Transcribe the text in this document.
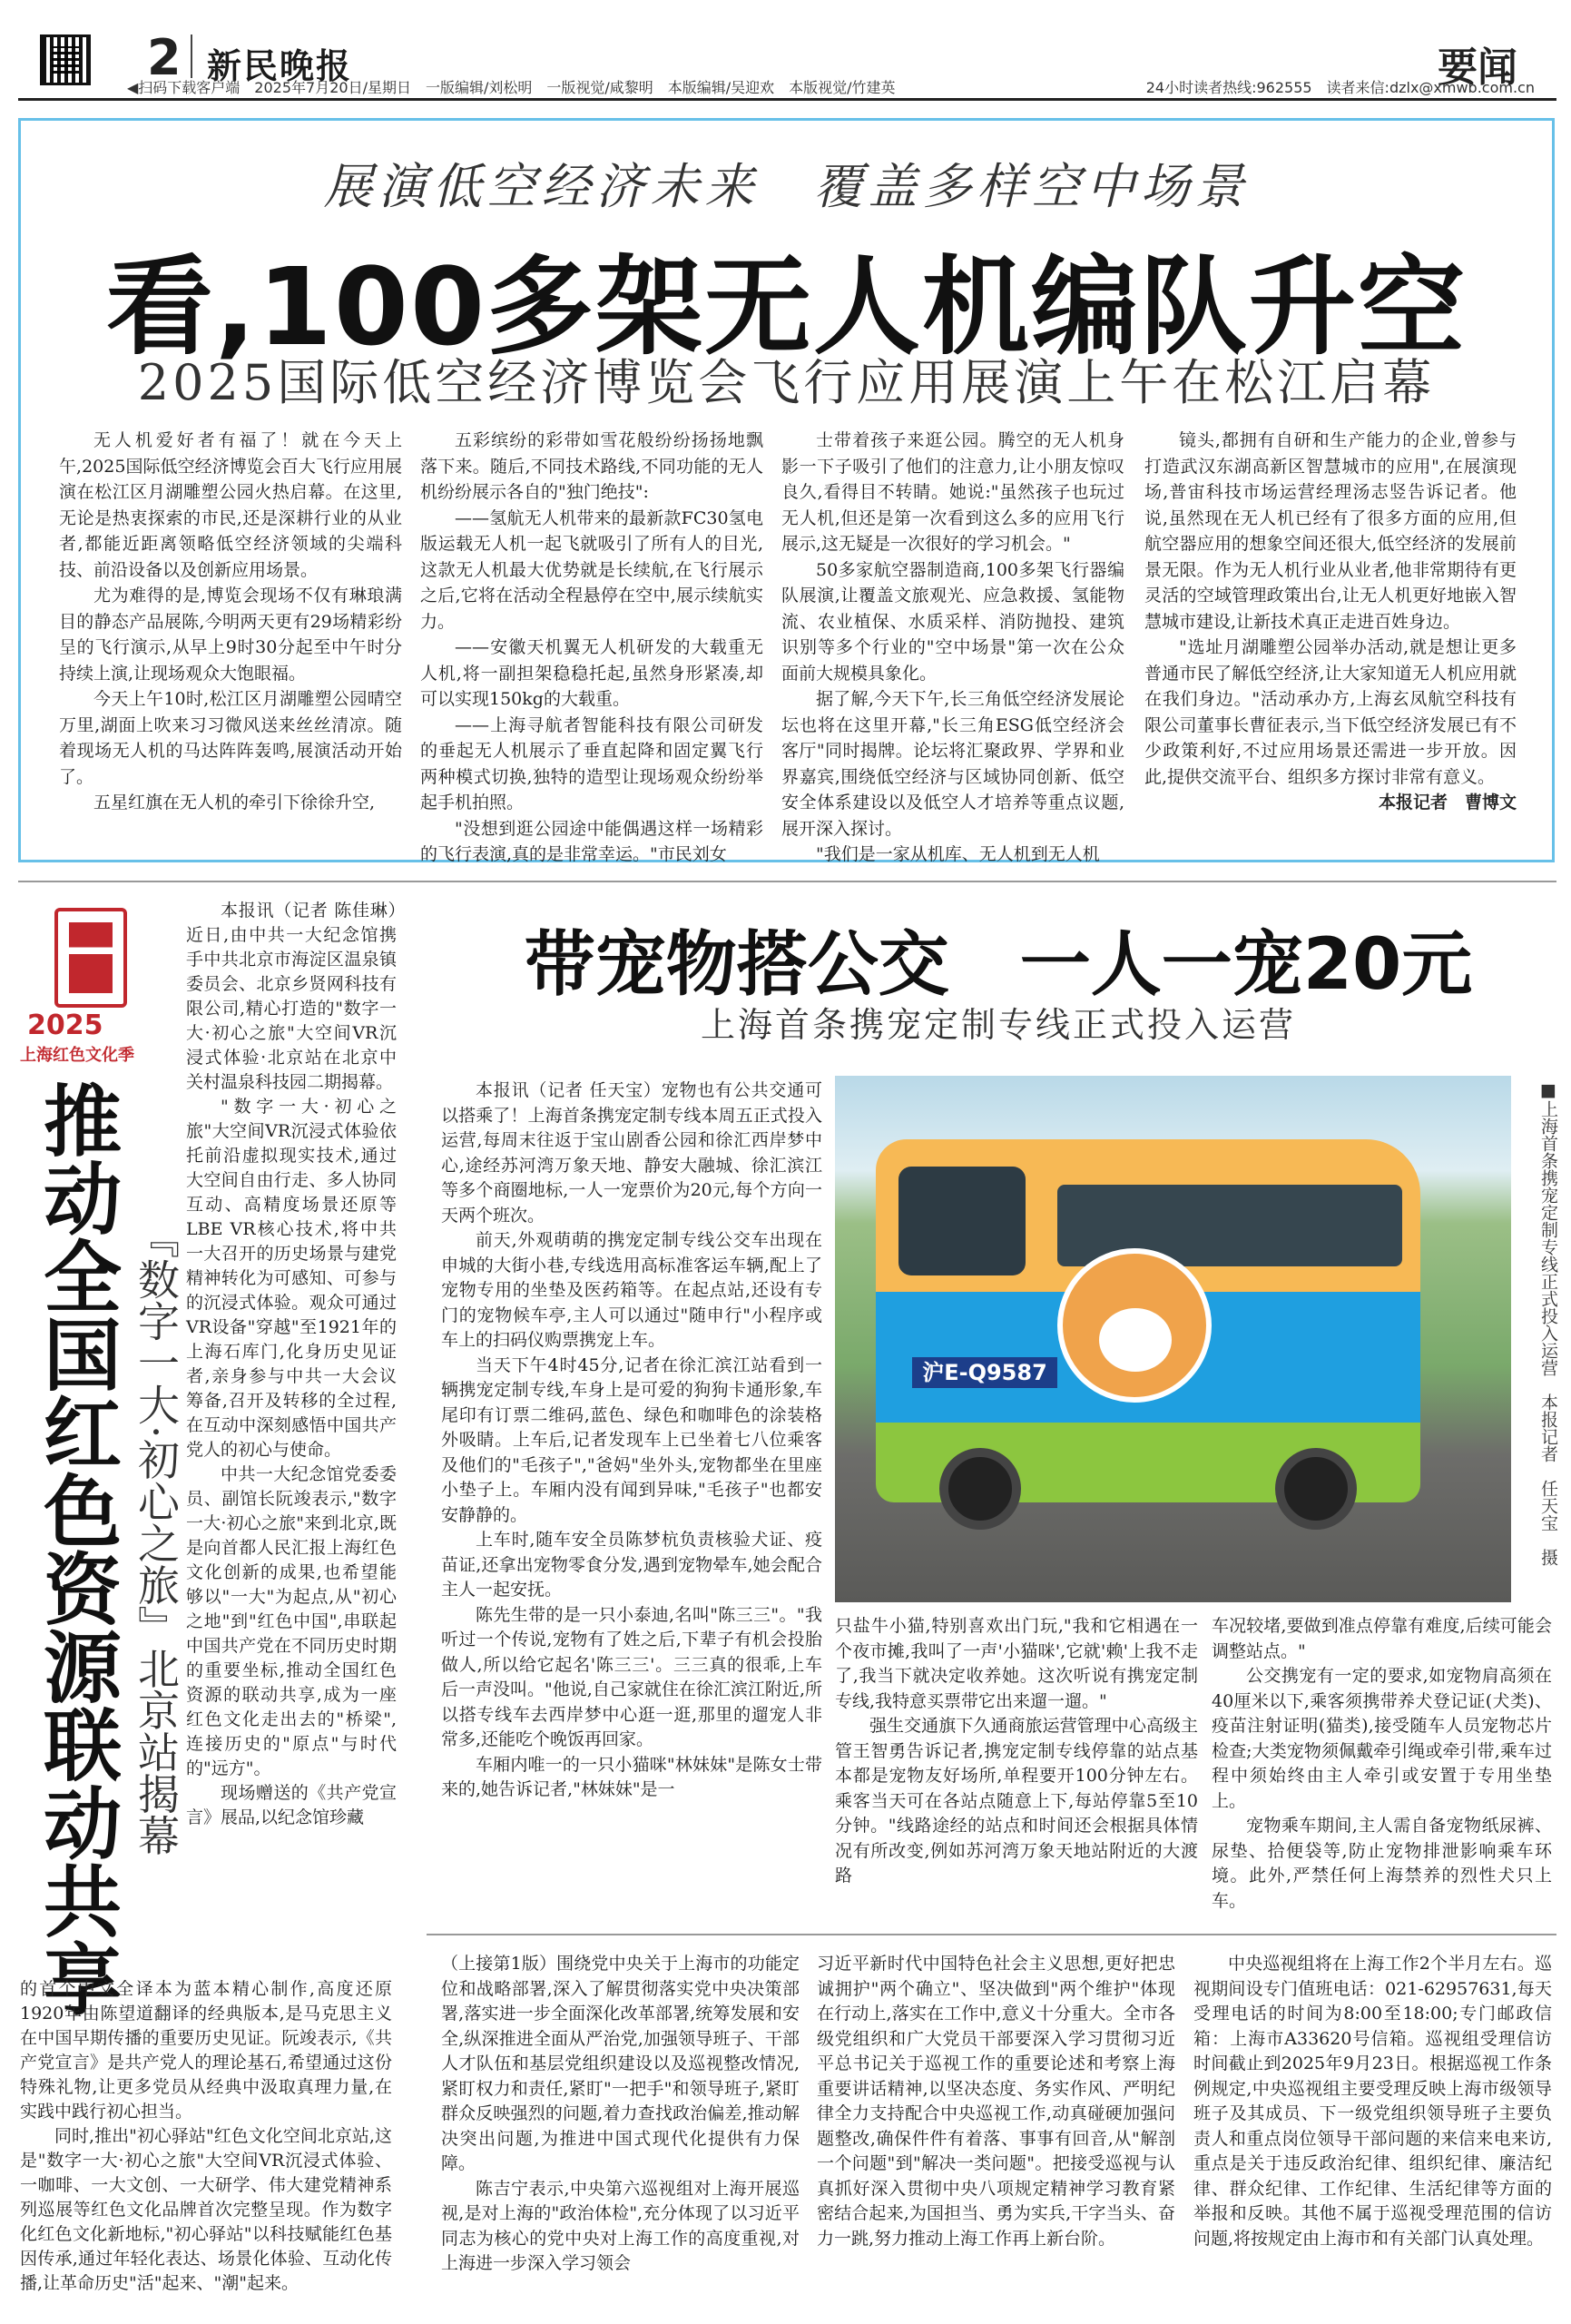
2 新民晚报	要闻
◀扫码下载客户端　2025年7月20日/星期日　一版编辑/刘松明　一版视觉/咸黎明　本版编辑/吴迎欢　本版视觉/竹建英	24小时读者热线:962555　读者来信:dzlx@xmwb.com.cn
展演低空经济未来　覆盖多样空中场景
看,100多架无人机编队升空
2025国际低空经济博览会飞行应用展演上午在松江启幕

无人机爱好者有福了！就在今天上午,2025国际低空经济博览会百大飞行应用展演在松江区月湖雕塑公园火热启幕。在这里,无论是热衷探索的市民,还是深耕行业的从业者,都能近距离领略低空经济领域的尖端科技、前沿设备以及创新应用场景。

尤为难得的是,博览会现场不仅有琳琅满目的静态产品展陈,今明两天更有29场精彩纷呈的飞行演示,从早上9时30分起至中午时分持续上演,让现场观众大饱眼福。

今天上午10时,松江区月湖雕塑公园晴空万里,湖面上吹来习习微风送来丝丝清凉。随着现场无人机的马达阵阵轰鸣,展演活动开始了。

五星红旗在无人机的牵引下徐徐升空,

五彩缤纷的彩带如雪花般纷纷扬扬地飘落下来。随后,不同技术路线,不同功能的无人机纷纷展示各自的"独门绝技":

——氢航无人机带来的最新款FC30氢电版运载无人机一起飞就吸引了所有人的目光,这款无人机最大优势就是长续航,在飞行展示之后,它将在活动全程悬停在空中,展示续航实力。

——安徽天机翼无人机研发的大载重无人机,将一副担架稳稳托起,虽然身形紧凑,却可以实现150kg的大载重。

——上海寻航者智能科技有限公司研发的垂起无人机展示了垂直起降和固定翼飞行两种模式切换,独特的造型让现场观众纷纷举起手机拍照。

"没想到逛公园途中能偶遇这样一场精彩的飞行表演,真的是非常幸运。"市民刘女

士带着孩子来逛公园。腾空的无人机身影一下子吸引了他们的注意力,让小朋友惊叹良久,看得目不转睛。她说:"虽然孩子也玩过无人机,但还是第一次看到这么多的应用飞行展示,这无疑是一次很好的学习机会。"

50多家航空器制造商,100多架飞行器编队展演,让覆盖文旅观光、应急救援、氢能物流、农业植保、水质采样、消防抛投、建筑识别等多个行业的"空中场景"第一次在公众面前大规模具象化。

据了解,今天下午,长三角低空经济发展论坛也将在这里开幕,"长三角ESG低空经济会客厅"同时揭牌。论坛将汇聚政界、学界和业界嘉宾,围绕低空经济与区域协同创新、低空安全体系建设以及低空人才培养等重点议题,展开深入探讨。

"我们是一家从机库、无人机到无人机

镜头,都拥有自研和生产能力的企业,曾参与打造武汉东湖高新区智慧城市的应用",在展演现场,普宙科技市场运营经理汤志竖告诉记者。他说,虽然现在无人机已经有了很多方面的应用,但航空器应用的想象空间还很大,低空经济的发展前景无限。作为无人机行业从业者,他非常期待有更灵活的空域管理政策出台,让无人机更好地嵌入智慧城市建设,让新技术真正走进百姓身边。

"选址月湖雕塑公园举办活动,就是想让更多普通市民了解低空经济,让大家知道无人机应用就在我们身边。"活动承办方,上海玄凤航空科技有限公司董事长曹征表示,当下低空经济发展已有不少政策利好,不过应用场景还需进一步开放。因此,提供交流平台、组织多方探讨非常有意义。

本报记者　曹博文
2025
上海红色文化季
推动全国红色资源联动共享 『数字一大·初心之旅』北京站揭幕

本报讯（记者 陈佳琳）近日,由中共一大纪念馆携手中共北京市海淀区温泉镇委员会、北京乡贤网科技有限公司,精心打造的"数字一大·初心之旅"大空间VR沉浸式体验·北京站在北京中关村温泉科技园二期揭幕。

"数字一大·初心之旅"大空间VR沉浸式体验依托前沿虚拟现实技术,通过大空间自由行走、多人协同互动、高精度场景还原等LBE VR核心技术,将中共一大召开的历史场景与建党精神转化为可感知、可参与的沉浸式体验。观众可通过VR设备"穿越"至1921年的上海石库门,化身历史见证者,亲身参与中共一大会议筹备,召开及转移的全过程,在互动中深刻感悟中国共产党人的初心与使命。

中共一大纪念馆党委委员、副馆长阮竣表示,"数字一大·初心之旅"来到北京,既是向首都人民汇报上海红色文化创新的成果,也希望能够以"一大"为起点,从"初心之地"到"红色中国",串联起中国共产党在不同历史时期的重要坐标,推动全国红色资源的联动共享,成为一座红色文化走出去的"桥梁",连接历史的"原点"与时代的"远方"。

现场赠送的《共产党宣言》展品,以纪念馆珍藏

的首个中文全译本为蓝本精心制作,高度还原1920年由陈望道翻译的经典版本,是马克思主义在中国早期传播的重要历史见证。阮竣表示,《共产党宣言》是共产党人的理论基石,希望通过这份特殊礼物,让更多党员从经典中汲取真理力量,在实践中践行初心担当。

同时,推出"初心驿站"红色文化空间北京站,这是"数字一大·初心之旅"大空间VR沉浸式体验、一咖啡、一大文创、一大研学、伟大建党精神系列巡展等红色文化品牌首次完整呈现。作为数字化红色文化新地标,"初心驿站"以科技赋能红色基因传承,通过年轻化表达、场景化体验、互动化传播,让革命历史"活"起来、"潮"起来。

带宠物搭公交　一人一宠20元
上海首条携宠定制专线正式投入运营
沪E-Q9587	■上海首条携宠定制专线正式投入运营　本报记者　任天宝　摄

本报讯（记者 任天宝）宠物也有公共交通可以搭乘了！上海首条携宠定制专线本周五正式投入运营,每周末往返于宝山剧香公园和徐汇西岸梦中心,途经苏河湾万象天地、静安大融城、徐汇滨江等多个商圈地标,一人一宠票价为20元,每个方向一天两个班次。

前天,外观萌萌的携宠定制专线公交车出现在申城的大街小巷,专线选用高标准客运车辆,配上了宠物专用的坐垫及医药箱等。在起点站,还设有专门的宠物候车亭,主人可以通过"随申行"小程序或车上的扫码仪购票携宠上车。

当天下午4时45分,记者在徐汇滨江站看到一辆携宠定制专线,车身上是可爱的狗狗卡通形象,车尾印有订票二维码,蓝色、绿色和咖啡色的涂装格外吸睛。上车后,记者发现车上已坐着七八位乘客及他们的"毛孩子","爸妈"坐外头,宠物都坐在里座小垫子上。车厢内没有闻到异味,"毛孩子"也都安安静静的。

上车时,随车安全员陈梦杭负责核验犬证、疫苗证,还拿出宠物零食分发,遇到宠物晕车,她会配合主人一起安抚。

陈先生带的是一只小泰迪,名叫"陈三三"。"我听过一个传说,宠物有了姓之后,下辈子有机会投胎做人,所以给它起名'陈三三'。三三真的很乖,上车后一声没叫。"他说,自己家就住在徐汇滨江附近,所以搭专线车去西岸梦中心逛一逛,那里的遛宠人非常多,还能吃个晚饭再回家。

车厢内唯一的一只小猫咪"林妹妹"是陈女士带来的,她告诉记者,"林妹妹"是一

只盐牛小猫,特别喜欢出门玩,"我和它相遇在一个夜市摊,我叫了一声'小猫咪',它就'赖'上我不走了,我当下就决定收养她。这次听说有携宠定制专线,我特意买票带它出来遛一遛。"

强生交通旗下久通商旅运营管理中心高级主管王智勇告诉记者,携宠定制专线停靠的站点基本都是宠物友好场所,单程要开100分钟左右。乘客当天可在各站点随意上下,每站停靠5至10分钟。"线路途经的站点和时间还会根据具体情况有所改变,例如苏河湾万象天地站附近的大渡路

车况较堵,要做到准点停靠有难度,后续可能会调整站点。"

公交携宠有一定的要求,如宠物肩高须在40厘米以下,乘客须携带养犬登记证(犬类)、疫苗注射证明(猫类),接受随车人员宠物芯片检查;大类宠物须佩戴牵引绳或牵引带,乘车过程中须始终由主人牵引或安置于专用坐垫上。

宠物乘车期间,主人需自备宠物纸尿裤、尿垫、拾便袋等,防止宠物排泄影响乘车环境。此外,严禁任何上海禁养的烈性犬只上车。

（上接第1版）围绕党中央关于上海市的功能定位和战略部署,深入了解贯彻落实党中央决策部署,落实进一步全面深化改革部署,统筹发展和安全,纵深推进全面从严治党,加强领导班子、干部人才队伍和基层党组织建设以及巡视整改情况,紧盯权力和责任,紧盯"一把手"和领导班子,紧盯群众反映强烈的问题,着力查找政治偏差,推动解决突出问题,为推进中国式现代化提供有力保障。

陈吉宁表示,中央第六巡视组对上海开展巡视,是对上海的"政治体检",充分体现了以习近平同志为核心的党中央对上海工作的高度重视,对上海进一步深入学习领会

习近平新时代中国特色社会主义思想,更好把忠诚拥护"两个确立"、坚决做到"两个维护"体现在行动上,落实在工作中,意义十分重大。全市各级党组织和广大党员干部要深入学习贯彻习近平总书记关于巡视工作的重要论述和考察上海重要讲话精神,以坚决态度、务实作风、严明纪律全力支持配合中央巡视工作,动真碰硬加强问题整改,确保件件有着落、事事有回音,从"解剖一个问题"到"解决一类问题"。把接受巡视与认真抓好深入贯彻中央八项规定精神学习教育紧密结合起来,为国担当、勇为实兵,干字当头、奋力一跳,努力推动上海工作再上新台阶。

中央巡视组将在上海工作2个半月左右。巡视期间设专门值班电话：021-62957631,每天受理电话的时间为8:00至18:00;专门邮政信箱：上海市A33620号信箱。巡视组受理信访时间截止到2025年9月23日。根据巡视工作条例规定,中央巡视组主要受理反映上海市级领导班子及其成员、下一级党组织领导班子主要负责人和重点岗位领导干部问题的来信来电来访,重点是关于违反政治纪律、组织纪律、廉洁纪律、群众纪律、工作纪律、生活纪律等方面的举报和反映。其他不属于巡视受理范围的信访问题,将按规定由上海市和有关部门认真处理。
